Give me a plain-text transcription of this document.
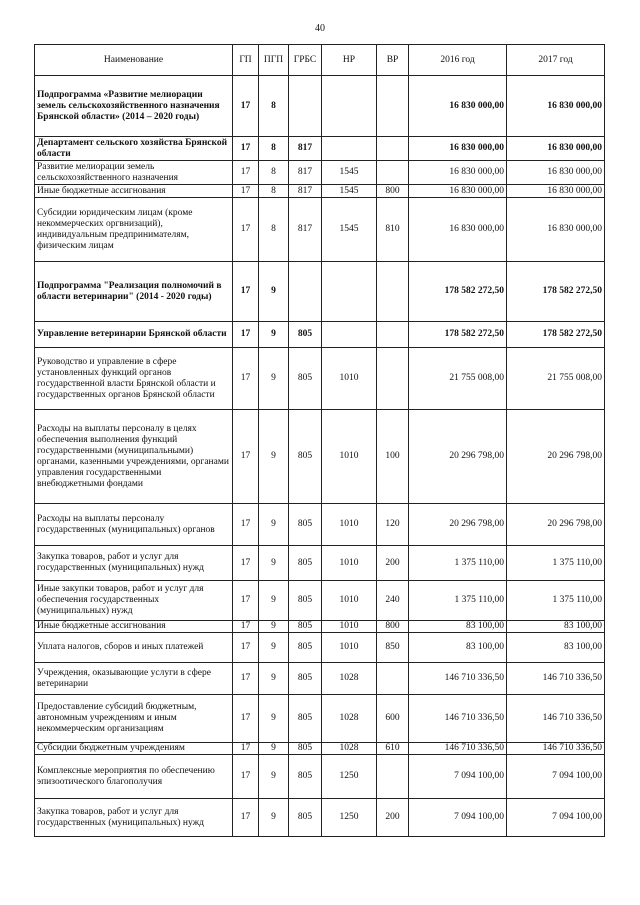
40
Наименование	ГП	ПГП	ГРБС	НР	ВР	2016 год	2017 год
Подпрограмма «Развитие мелиорации земель сельскохозяйственного назначения Брянской области» (2014 – 2020 годы)	17	8				16 830 000,00	16 830 000,00
Департамент сельского хозяйства Брянской области	17	8	817			16 830 000,00	16 830 000,00
Развитие мелиорации земель сельскохозяйственного назначения	17	8	817	1545		16 830 000,00	16 830 000,00
Иные бюджетные ассигнования	17	8	817	1545	800	16 830 000,00	16 830 000,00
Субсидии юридическим лицам (кроме некоммерческих оргвнизаций), индивидуальным предпринимателям, физическим лицам	17	8	817	1545	810	16 830 000,00	16 830 000,00
Подпрограмма "Реализация полномочий в области ветеринарии" (2014 - 2020 годы)	17	9				178 582 272,50	178 582 272,50
Управление ветеринарии Брянской области	17	9	805			178 582 272,50	178 582 272,50
Руководство и управление в сфере установленных функций органов государственной власти Брянской области и государственных органов Брянской области	17	9	805	1010		21 755 008,00	21 755 008,00
Расходы на выплаты персоналу в целях обеспечения выполнения функций государственными (муниципальными) органами, казенными учреждениями, органами управления государственными внебюджетными фондами	17	9	805	1010	100	20 296 798,00	20 296 798,00
Расходы на выплаты персоналу государственных (муниципальных) органов	17	9	805	1010	120	20 296 798,00	20 296 798,00
Закупка товаров, работ и услуг для государственных (муниципальных) нужд	17	9	805	1010	200	1 375 110,00	1 375 110,00
Иные закупки товаров, работ и услуг для обеспечения государственных (муниципальных) нужд	17	9	805	1010	240	1 375 110,00	1 375 110,00
Иные бюджетные ассигнования	17	9	805	1010	800	83 100,00	83 100,00
Уплата налогов, сборов и иных платежей	17	9	805	1010	850	83 100,00	83 100,00
Учреждения, оказывающие услуги в сфере ветеринарии	17	9	805	1028		146 710 336,50	146 710 336,50
Предоставление субсидий бюджетным, автономным учреждениям и иным некоммерческим организациям	17	9	805	1028	600	146 710 336,50	146 710 336,50
Субсидии бюджетным учреждениям	17	9	805	1028	610	146 710 336,50	146 710 336,50
Комплексные мероприятия по обеспечению эпизоотического благополучия	17	9	805	1250		7 094 100,00	7 094 100,00
Закупка товаров, работ и услуг для государственных (муниципальных) нужд	17	9	805	1250	200	7 094 100,00	7 094 100,00
